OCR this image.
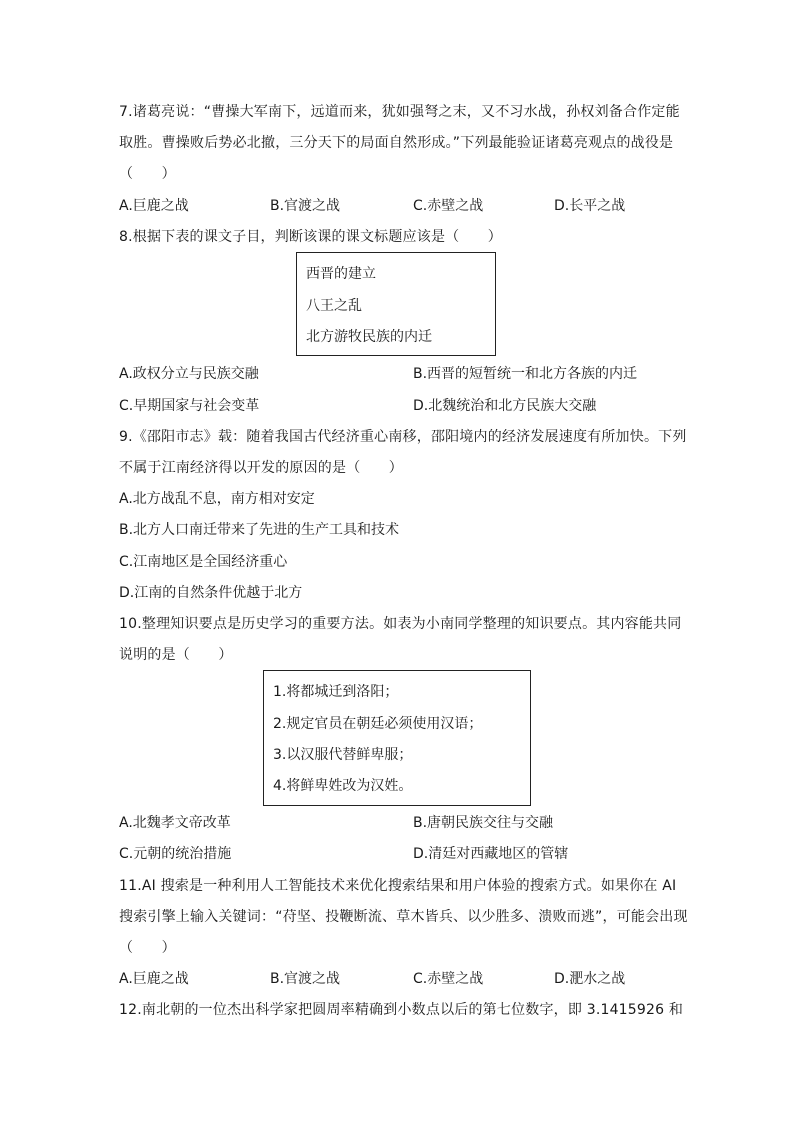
7.诸葛亮说：“曹操大军南下，远道而来，犹如强弩之末，又不习水战，孙权刘备合作定能
取胜。曹操败后势必北撤，三分天下的局面自然形成。”下列最能验证诸葛亮观点的战役是
（　　）
A.巨鹿之战	B.官渡之战	C.赤壁之战	D.长平之战
8.根据下表的课文子目，判断该课的课文标题应该是（　　）
西晋的建立
八王之乱
北方游牧民族的内迁
A.政权分立与民族交融	B.西晋的短暂统一和北方各族的内迁
C.早期国家与社会变革	D.北魏统治和北方民族大交融
9.《邵阳市志》载：随着我国古代经济重心南移，邵阳境内的经济发展速度有所加快。下列
不属于江南经济得以开发的原因的是（　　）
A.北方战乱不息，南方相对安定
B.北方人口南迁带来了先进的生产工具和技术
C.江南地区是全国经济重心
D.江南的自然条件优越于北方
10.整理知识要点是历史学习的重要方法。如表为小南同学整理的知识要点。其内容能共同
说明的是（　　）
1.将都城迁到洛阳；
2.规定官员在朝廷必须使用汉语；
3.以汉服代替鲜卑服；
4.将鲜卑姓改为汉姓。
A.北魏孝文帝改革	B.唐朝民族交往与交融
C.元朝的统治措施	D.清廷对西藏地区的管辖
11.AI 搜索是一种利用人工智能技术来优化搜索结果和用户体验的搜索方式。如果你在 AI
搜索引擎上输入关键词：“苻坚、投鞭断流、草木皆兵、以少胜多、溃败而逃”，可能会出现
（　　）
A.巨鹿之战	B.官渡之战	C.赤壁之战	D.淝水之战
12.南北朝的一位杰出科学家把圆周率精确到小数点以后的第七位数字，即 3.1415926 和
